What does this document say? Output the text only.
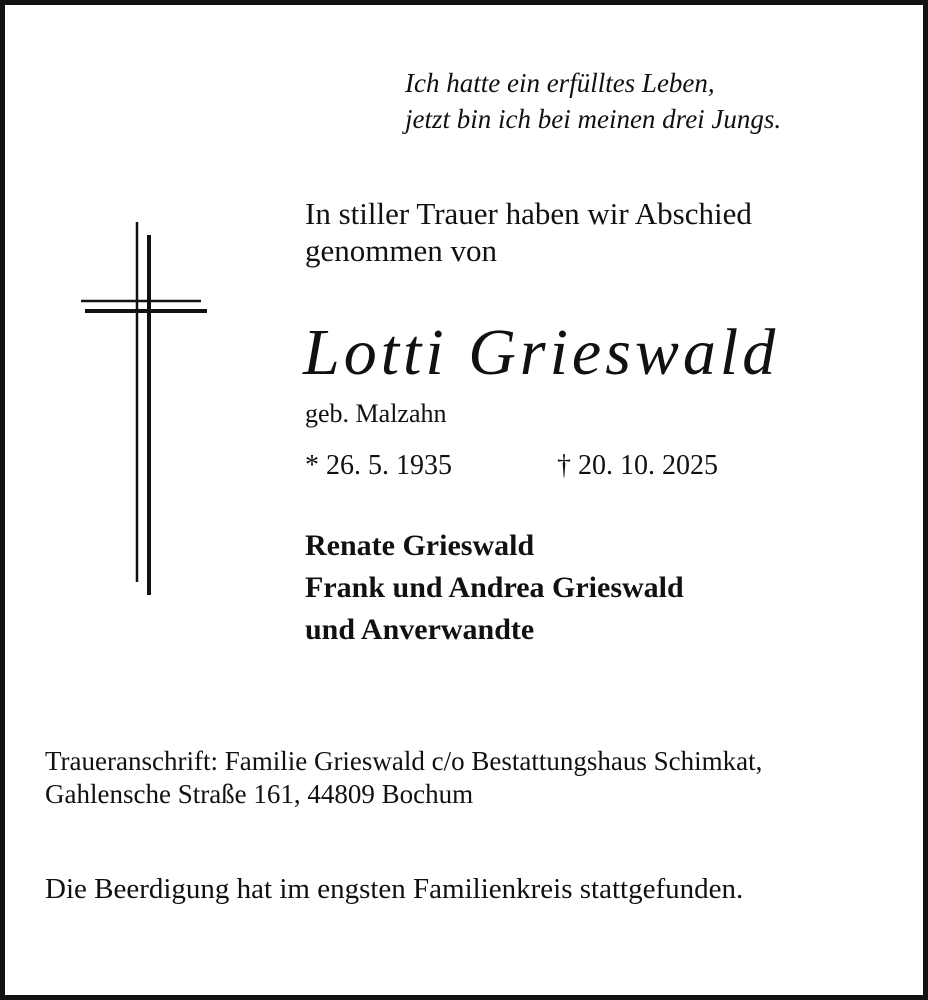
Ich hatte ein erfülltes Leben,
jetzt bin ich bei meinen drei Jungs.
In stiller Trauer haben wir Abschied
genommen von
Lotti Grieswald
geb. Malzahn
* 26. 5. 1935	† 20. 10. 2025
Renate Grieswald
Frank und Andrea Grieswald
und Anverwandte
Traueranschrift: Familie Grieswald c/o Bestattungshaus Schimkat,
Gahlensche Straße 161, 44809 Bochum
Die Beerdigung hat im engsten Familienkreis stattgefunden.
